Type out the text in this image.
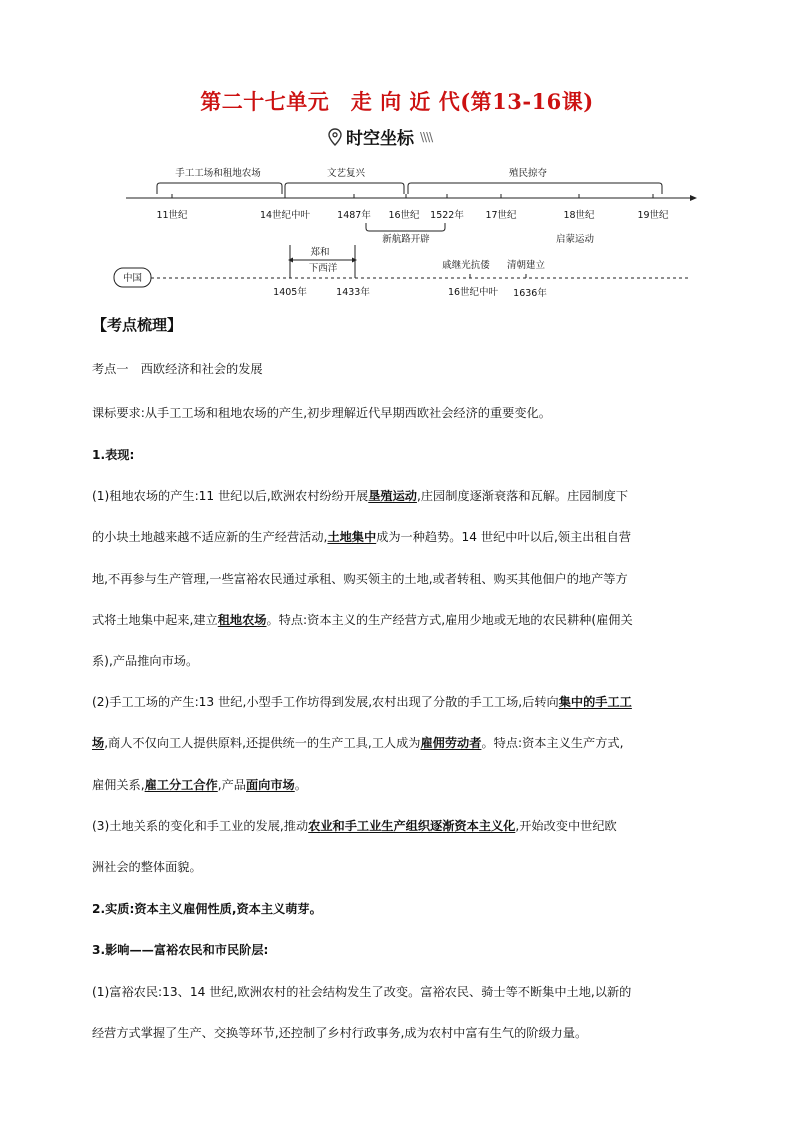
第二十七单元　走 向 近 代(第13-16课)
时空坐标 \\\\
手工工场和租地农场	文艺复兴	殖民掠夺
11世纪	14世纪中叶	1487年 16世纪 1522年 17世纪	18世纪	19世纪
新航路开辟	启蒙运动
郑和
下西洋
中国
戚继光抗倭 清朝建立
1405年	1433年	16世纪中叶 1636年
【考点梳理】
考点一　西欧经济和社会的发展
课标要求:从手工工场和租地农场的产生,初步理解近代早期西欧社会经济的重要变化。
1.表现:
(1)租地农场的产生:11 世纪以后,欧洲农村纷纷开展垦殖运动,庄园制度逐渐衰落和瓦解。庄园制度下
的小块土地越来越不适应新的生产经营活动,土地集中成为一种趋势。14 世纪中叶以后,领主出租自营
地,不再参与生产管理,一些富裕农民通过承租、购买领主的土地,或者转租、购买其他佃户的地产等方
式将土地集中起来,建立租地农场。特点:资本主义的生产经营方式,雇用少地或无地的农民耕种(雇佣关
系),产品推向市场。
(2)手工工场的产生:13 世纪,小型手工作坊得到发展,农村出现了分散的手工工场,后转向集中的手工工
场,商人不仅向工人提供原料,还提供统一的生产工具,工人成为雇佣劳动者。特点:资本主义生产方式,
雇佣关系,雇工分工合作,产品面向市场。
(3)土地关系的变化和手工业的发展,推动农业和手工业生产组织逐渐资本主义化,开始改变中世纪欧
洲社会的整体面貌。
2.实质:资本主义雇佣性质,资本主义萌芽。
3.影响——富裕农民和市民阶层:
(1)富裕农民:13、14 世纪,欧洲农村的社会结构发生了改变。富裕农民、骑士等不断集中土地,以新的
经营方式掌握了生产、交换等环节,还控制了乡村行政事务,成为农村中富有生气的阶级力量。
